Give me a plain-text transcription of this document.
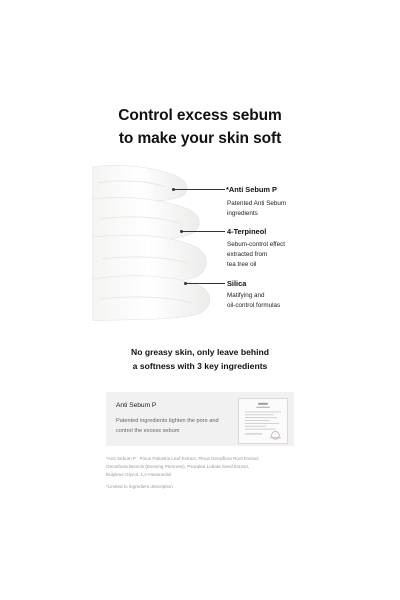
Control excess sebum
to make your skin soft
*Anti Sebum P
Patented Anti Sebum
ingredients
4-Terpineol
Sebum-control effect
extracted from
tea tree oil
Silica
Matifying and
oil-control formulas
No greasy skin, only leave behind
a softness with 3 key ingredients
Anti Sebum P
Patented ingredients tighten the pore and
control the excess sebum
*Anti Sebum P : Pinus Palustris Leaf Extract, Pinus Densiflora Root Extract,
Oenothera Biennis (Evening Primrose), Psoralea Lobata Seed Extract,
Butylene Glycol, 1,2-Hexanediol
*Limited to ingredient description
